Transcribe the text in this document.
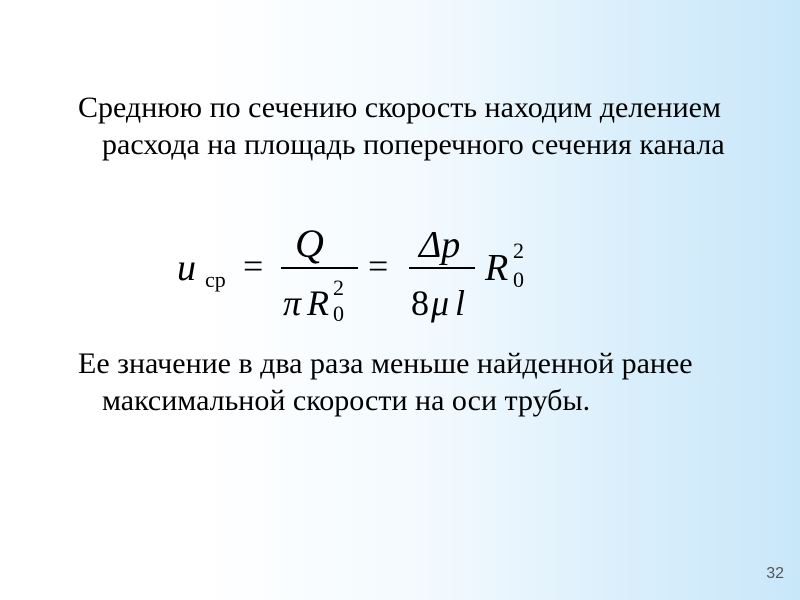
Среднюю по сечению скорость находим делением расхода на площадь поперечного сечения канала
u ср = Q
π R 2
0
= Δp
8 μ l
R 2
0
Ее значение в два раза меньше найденной ранее максимальной скорости на оси трубы.
32
